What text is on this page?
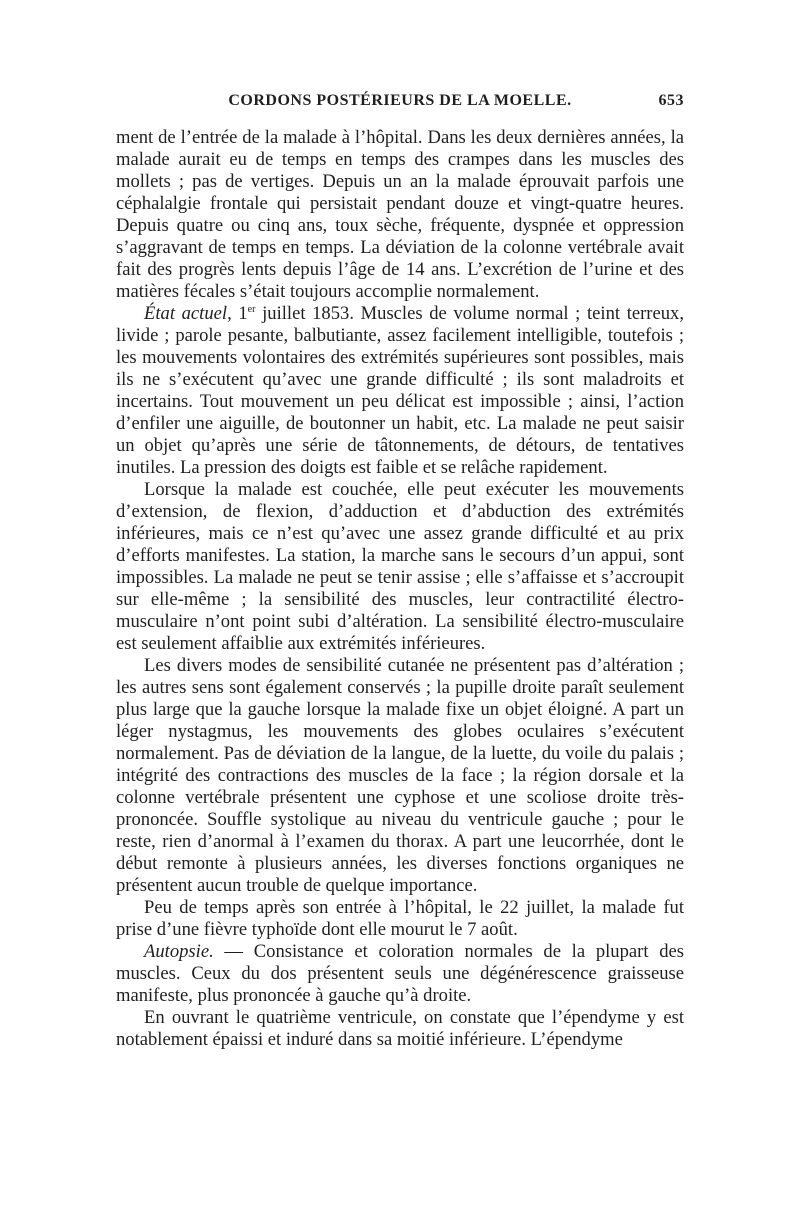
CORDONS POSTÉRIEURS DE LA MOELLE.	653

ment de l’entrée de la malade à l’hôpital. Dans les deux dernières années, la malade aurait eu de temps en temps des crampes dans les muscles des mollets ; pas de vertiges. Depuis un an la malade éprouvait parfois une céphalalgie frontale qui persistait pendant douze et vingt-quatre heures. Depuis quatre ou cinq ans, toux sèche, fréquente, dyspnée et oppression s’aggravant de temps en temps. La déviation de la colonne vertébrale avait fait des progrès lents depuis l’âge de 14 ans. L’excrétion de l’urine et des matières fécales s’était toujours accomplie normalement.

État actuel, 1er juillet 1853. Muscles de volume normal ; teint terreux, livide ; parole pesante, balbutiante, assez facilement intelligible, toutefois ; les mouvements volontaires des extrémités supérieures sont possibles, mais ils ne s’exécutent qu’avec une grande difficulté ; ils sont maladroits et incertains. Tout mouvement un peu délicat est impossible ; ainsi, l’action d’enfiler une aiguille, de boutonner un habit, etc. La malade ne peut saisir un objet qu’après une série de tâtonnements, de détours, de tentatives inutiles. La pression des doigts est faible et se relâche rapidement.

Lorsque la malade est couchée, elle peut exécuter les mouvements d’extension, de flexion, d’adduction et d’abduction des extrémités inférieures, mais ce n’est qu’avec une assez grande difficulté et au prix d’efforts manifestes. La station, la marche sans le secours d’un appui, sont impossibles. La malade ne peut se tenir assise ; elle s’affaisse et s’accroupit sur elle-même ; la sensibilité des muscles, leur contractilité électro-musculaire n’ont point subi d’altération. La sensibilité électro-musculaire est seulement affaiblie aux extrémités inférieures.

Les divers modes de sensibilité cutanée ne présentent pas d’altération ; les autres sens sont également conservés ; la pupille droite paraît seulement plus large que la gauche lorsque la malade fixe un objet éloigné. A part un léger nystagmus, les mouvements des globes oculaires s’exécutent normalement. Pas de déviation de la langue, de la luette, du voile du palais ; intégrité des contractions des muscles de la face ; la région dorsale et la colonne vertébrale présentent une cyphose et une scoliose droite très-prononcée. Souffle systolique au niveau du ventricule gauche ; pour le reste, rien d’anormal à l’examen du thorax. A part une leucorrhée, dont le début remonte à plusieurs années, les diverses fonctions organiques ne présentent aucun trouble de quelque importance.

Peu de temps après son entrée à l’hôpital, le 22 juillet, la malade fut prise d’une fièvre typhoïde dont elle mourut le 7 août.

Autopsie. — Consistance et coloration normales de la plupart des muscles. Ceux du dos présentent seuls une dégénérescence graisseuse manifeste, plus prononcée à gauche qu’à droite.

En ouvrant le quatrième ventricule, on constate que l’épendyme y est notablement épaissi et induré dans sa moitié inférieure. L’épendyme
